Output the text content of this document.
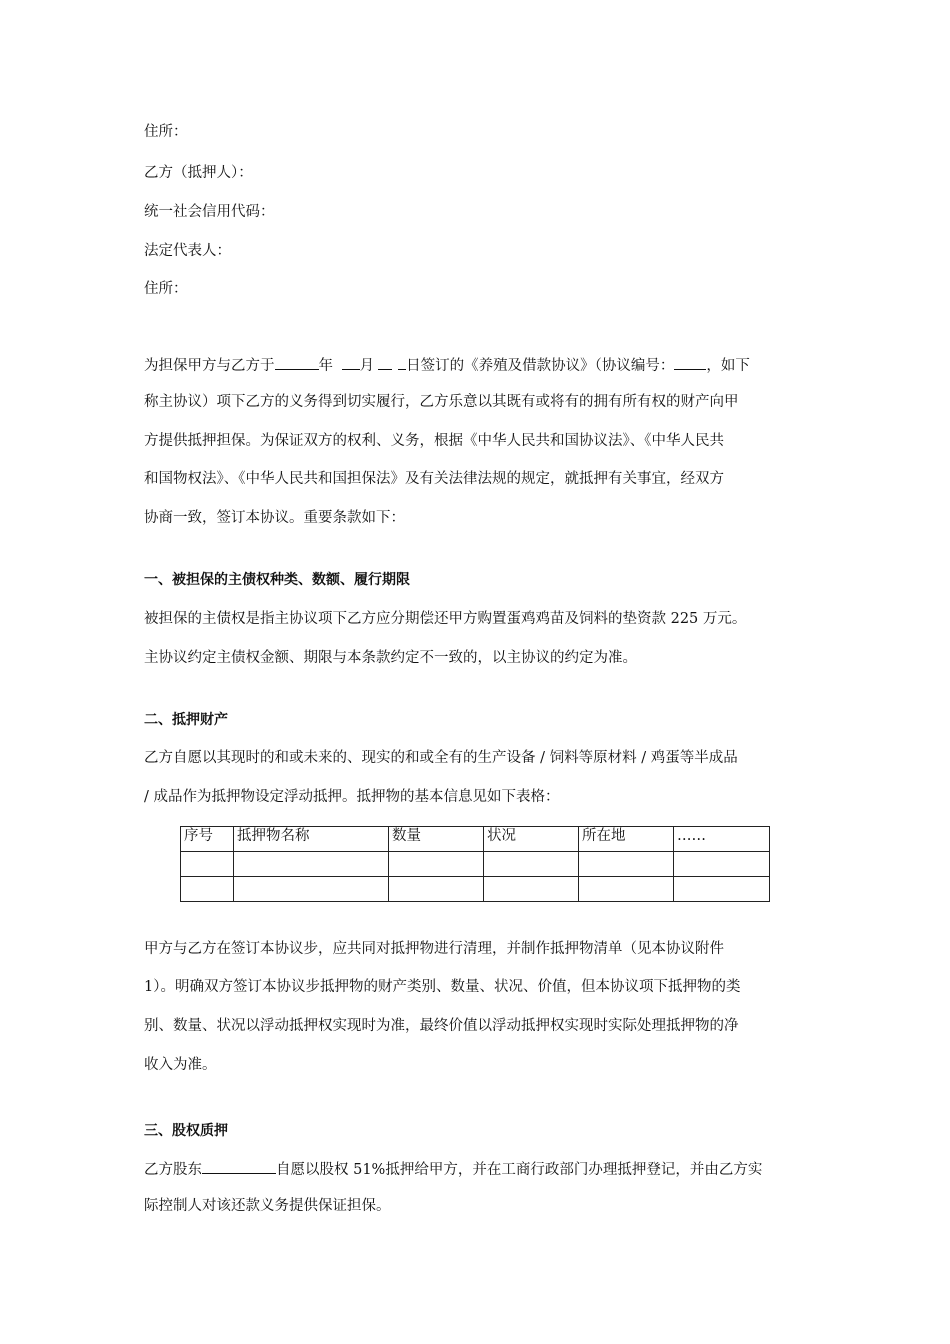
住所：
乙方（抵押人）：
统一社会信用代码：
法定代表人：
住所：
为担保甲方与乙方于	年 月 日签订的《养殖及借款协议》（协议编号： ，如下
称主协议）项下乙方的义务得到切实履行，乙方乐意以其既有或将有的拥有所有权的财产向甲
方提供抵押担保。为保证双方的权利、义务，根据《中华人民共和国协议法》、《中华人民共
和国物权法》、《中华人民共和国担保法》及有关法律法规的规定，就抵押有关事宜，经双方
协商一致，签订本协议。重要条款如下：
一、被担保的主债权种类、数额、履行期限
被担保的主债权是指主协议项下乙方应分期偿还甲方购置蛋鸡鸡苗及饲料的垫资款 225 万元。
主协议约定主债权金额、期限与本条款约定不一致的，以主协议的约定为准。
二、抵押财产
乙方自愿以其现时的和或未来的、现实的和或全有的生产设备 / 饲料等原材料 / 鸡蛋等半成品
/ 成品作为抵押物设定浮动抵押。抵押物的基本信息见如下表格：
序号	抵押物名称	数量	状况	所在地	……

甲方与乙方在签订本协议步，应共同对抵押物进行清理，并制作抵押物清单（见本协议附件
1）。明确双方签订本协议步抵押物的财产类别、数量、状况、价值，但本协议项下抵押物的类
别、数量、状况以浮动抵押权实现时为准，最终价值以浮动抵押权实现时实际处理抵押物的净
收入为准。
三、股权质押
乙方股东	自愿以股权 51%抵押给甲方，并在工商行政部门办理抵押登记，并由乙方实
际控制人对该还款义务提供保证担保。
